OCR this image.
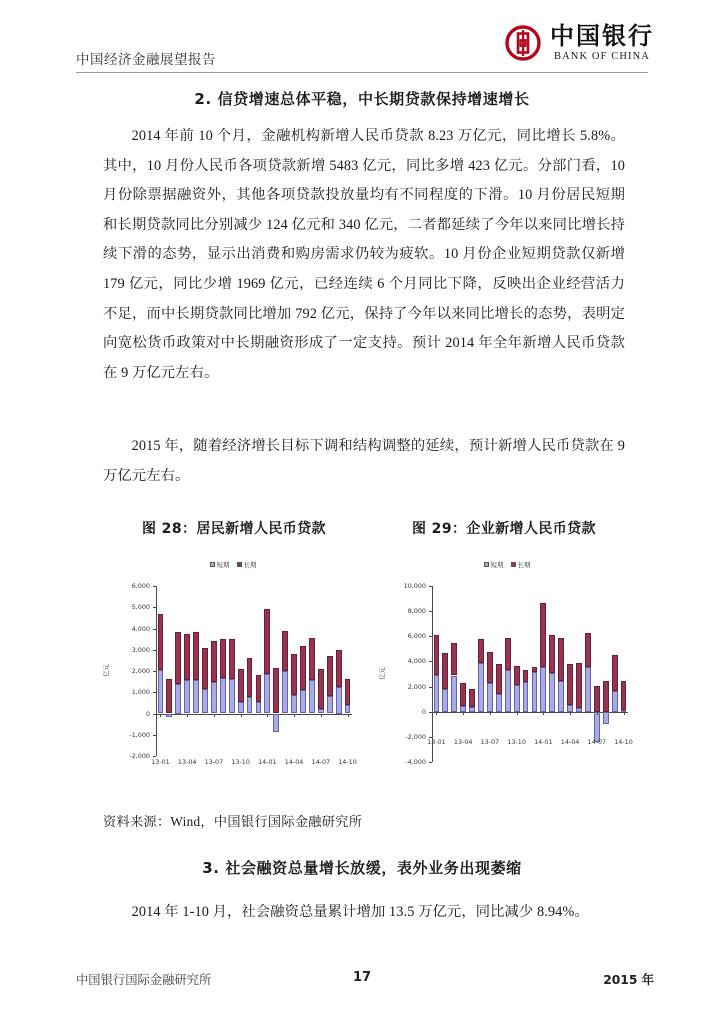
中国经济金融展望报告
中国银行
BANK OF CHINA
2. 信贷增速总体平稳，中长期贷款保持增速增长

2014 年前 10 个月，金融机构新增人民币贷款 8.23 万亿元，同比增长 5.8%。其中，10 月份人民币各项贷款新增 5483 亿元，同比多增 423 亿元。分部门看，10 月份除票据融资外，其他各项贷款投放量均有不同程度的下滑。10 月份居民短期和长期贷款同比分别减少 124 亿元和 340 亿元，二者都延续了今年以来同比增长持续下滑的态势，显示出消费和购房需求仍较为疲软。10 月份企业短期贷款仅新增 179 亿元，同比少增 1969 亿元，已经连续 6 个月同比下降，反映出企业经营活力不足，而中长期贷款同比增加 792 亿元，保持了今年以来同比增长的态势，表明定向宽松货币政策对中长期融资形成了一定支持。预计 2014 年全年新增人民币贷款在 9 万亿元左右。

2015 年，随着经济增长目标下调和结构调整的延续，预计新增人民币贷款在 9 万亿元左右。

图 28：居民新增人民币贷款	图 29：企业新增人民币贷款
短期 长期
6,000
5,000
4,000
3,000
2,000
1,000
0
-1,000
-2,000
亿元
13-01 13-04 13-07 13-10 14-01 14-04 14-07 14-10
短期 长期
10,000
8,000
6,000
4,000
2,000
0
-2,000
-4,000
亿元
13-01 13-04 13-07 13-10 14-01 14-04 14-07 14-10
资料来源：Wind，中国银行国际金融研究所
3. 社会融资总量增长放缓，表外业务出现萎缩

2014 年 1-10 月，社会融资总量累计增加 13.5 万亿元，同比减少 8.94%。

中国银行国际金融研究所	17	2015 年
